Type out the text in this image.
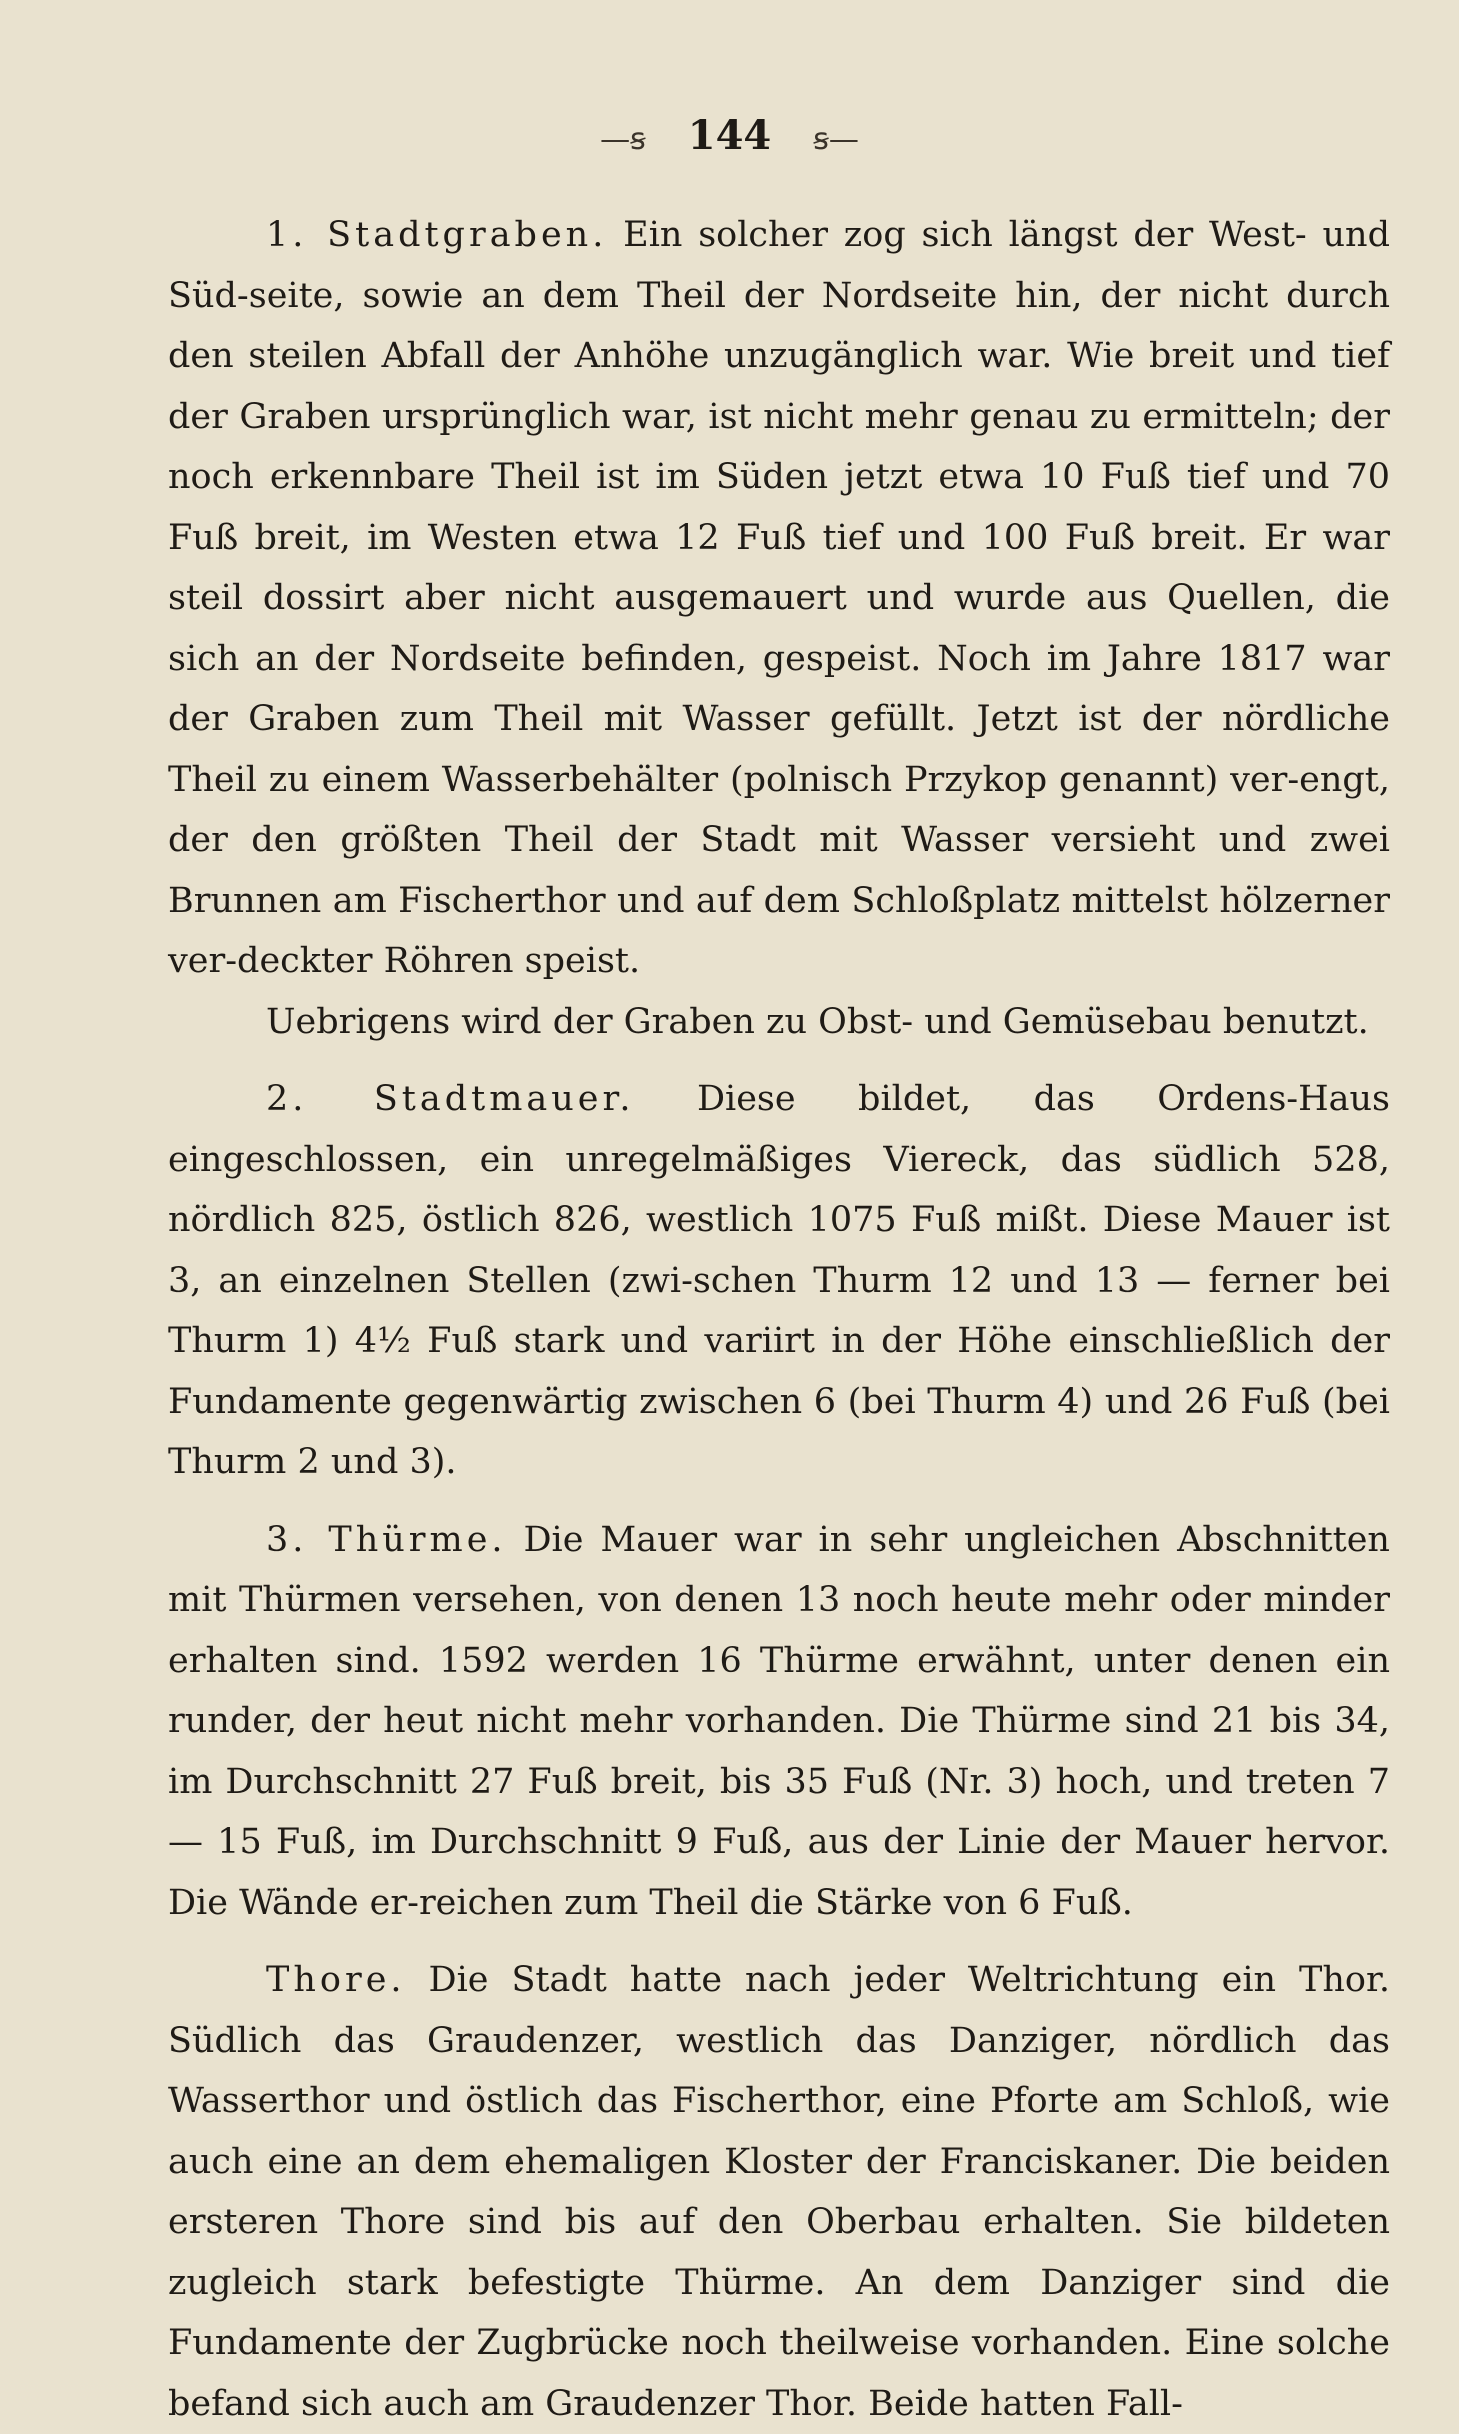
—ꞩ 144 ꞩ—

1. Stadtgraben. Ein solcher zog sich längst der West- und Süd-seite, sowie an dem Theil der Nordseite hin, der nicht durch den steilen Abfall der Anhöhe unzugänglich war. Wie breit und tief der Graben ursprünglich war, ist nicht mehr genau zu ermitteln; der noch erkennbare Theil ist im Süden jetzt etwa 10 Fuß tief und 70 Fuß breit, im Westen etwa 12 Fuß tief und 100 Fuß breit. Er war steil dossirt aber nicht ausgemauert und wurde aus Quellen, die sich an der Nordseite befinden, gespeist. Noch im Jahre 1817 war der Graben zum Theil mit Wasser gefüllt. Jetzt ist der nördliche Theil zu einem Wasserbehälter (polnisch Przykop genannt) ver-engt, der den größten Theil der Stadt mit Wasser versieht und zwei Brunnen am Fischerthor und auf dem Schloßplatz mittelst hölzerner ver-deckter Röhren speist.

Uebrigens wird der Graben zu Obst- und Gemüsebau benutzt.

2. Stadtmauer. Diese bildet, das Ordens-Haus eingeschlossen, ein unregelmäßiges Viereck, das südlich 528, nördlich 825, östlich 826, westlich 1075 Fuß mißt. Diese Mauer ist 3, an einzelnen Stellen (zwi-schen Thurm 12 und 13 — ferner bei Thurm 1) 4½ Fuß stark und variirt in der Höhe einschließlich der Fundamente gegenwärtig zwischen 6 (bei Thurm 4) und 26 Fuß (bei Thurm 2 und 3).

3. Thürme. Die Mauer war in sehr ungleichen Abschnitten mit Thürmen versehen, von denen 13 noch heute mehr oder minder erhalten sind. 1592 werden 16 Thürme erwähnt, unter denen ein runder, der heut nicht mehr vorhanden. Die Thürme sind 21 bis 34, im Durchschnitt 27 Fuß breit, bis 35 Fuß (Nr. 3) hoch, und treten 7 — 15 Fuß, im Durchschnitt 9 Fuß, aus der Linie der Mauer hervor. Die Wände er-reichen zum Theil die Stärke von 6 Fuß.

Thore. Die Stadt hatte nach jeder Weltrichtung ein Thor. Südlich das Graudenzer, westlich das Danziger, nördlich das Wasserthor und östlich das Fischerthor, eine Pforte am Schloß, wie auch eine an dem ehemaligen Kloster der Franciskaner. Die beiden ersteren Thore sind bis auf den Oberbau erhalten. Sie bildeten zugleich stark befestigte Thürme. An dem Danziger sind die Fundamente der Zugbrücke noch theilweise vorhanden. Eine solche befand sich auch am Graudenzer Thor. Beide hatten Fall-
